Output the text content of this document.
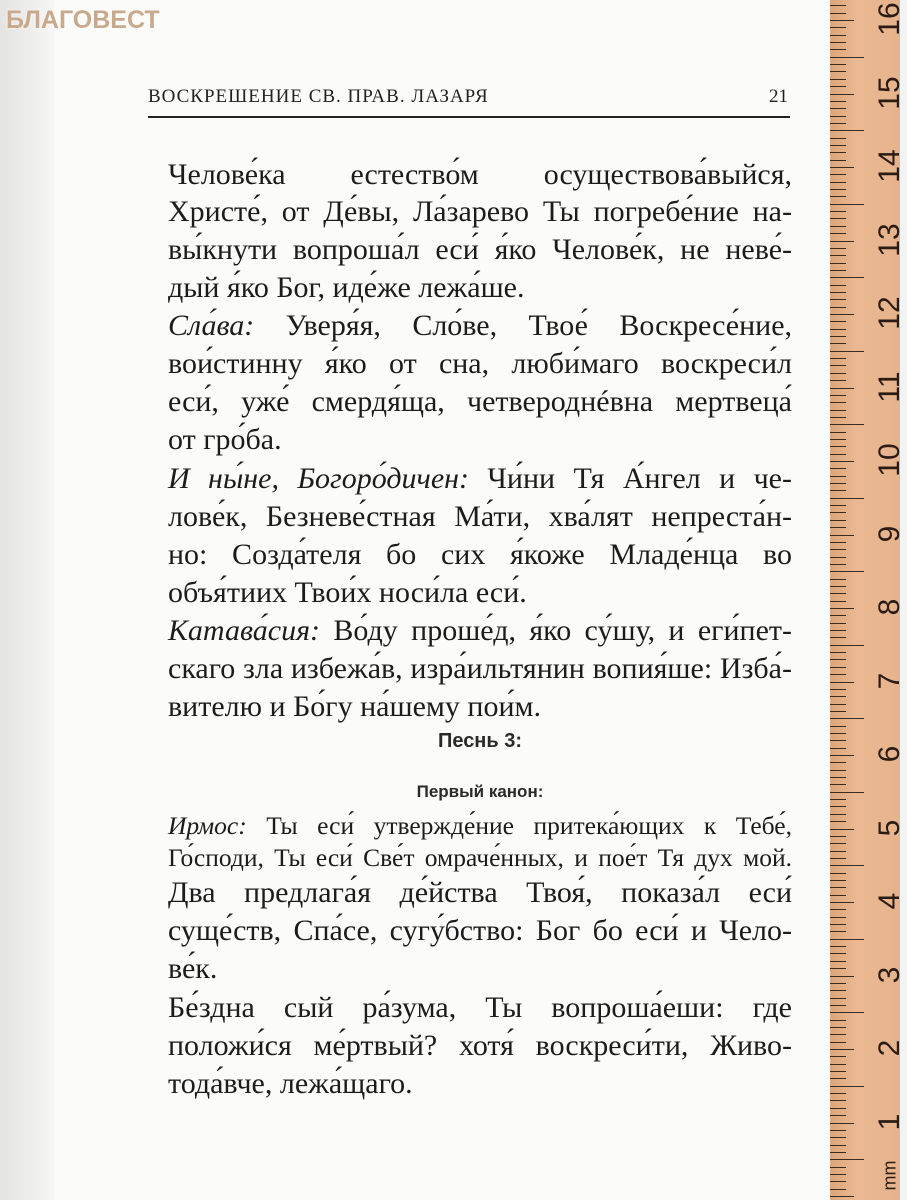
БЛАГОВЕСТ
ВОСКРЕШЕНИЕ СВ. ПРАВ. ЛАЗАРЯ	21
Челове́ка естество́м осуществова́выйся,
Христе́, от Де́вы, Ла́зарево Ты погребе́ние на-
вы́кнути вопроша́л еси́ я́ко Челове́к, не неве́-
дый я́ко Бог, иде́же лежа́ше.
Сла́ва: Уверя́я, Сло́ве, Твое́ Воскресе́ние,
вои́стинну я́ко от сна, люби́маго воскреси́л
еси́, уже́ смердя́ща, четвероднéвна мертвеца́
от гро́ба.
И ны́не, Богоро́дичен: Чи́ни Тя А́нгел и че-
лове́к, Безневе́стная Ма́ти, хва́лят непреста́н-
но: Созда́теля бо сих я́коже Младе́нца во
объя́тиих Твои́х носи́ла еси́.
Катава́сия: Во́ду проше́д, я́ко су́шу, и еги́пет-
скаго зла избежа́в, изра́ильтянин вопия́ше: Изба́-
вителю и Бо́гу на́шему пои́м.
Ирмос: Ты еси́ утвержде́ние притека́ющих к Тебе́,
Го́споди, Ты еси́ Све́т омраче́нных, и пое́т Тя дух мой.
Два предлага́я де́йства Твоя́, показа́л еси́
суще́ств, Спа́се, сугу́бство: Бог бо еси́ и Чело-
ве́к.
Бе́здна сый ра́зума, Ты вопроша́еши: где
положи́ся ме́ртвый? хотя́ воскреси́ти, Живо-
тода́вче, лежа́щаго.
Песнь 3:
Первый канон:
16
15
14
13
12
11
10
9
8
7
6
5
4
3
2
1
mm
